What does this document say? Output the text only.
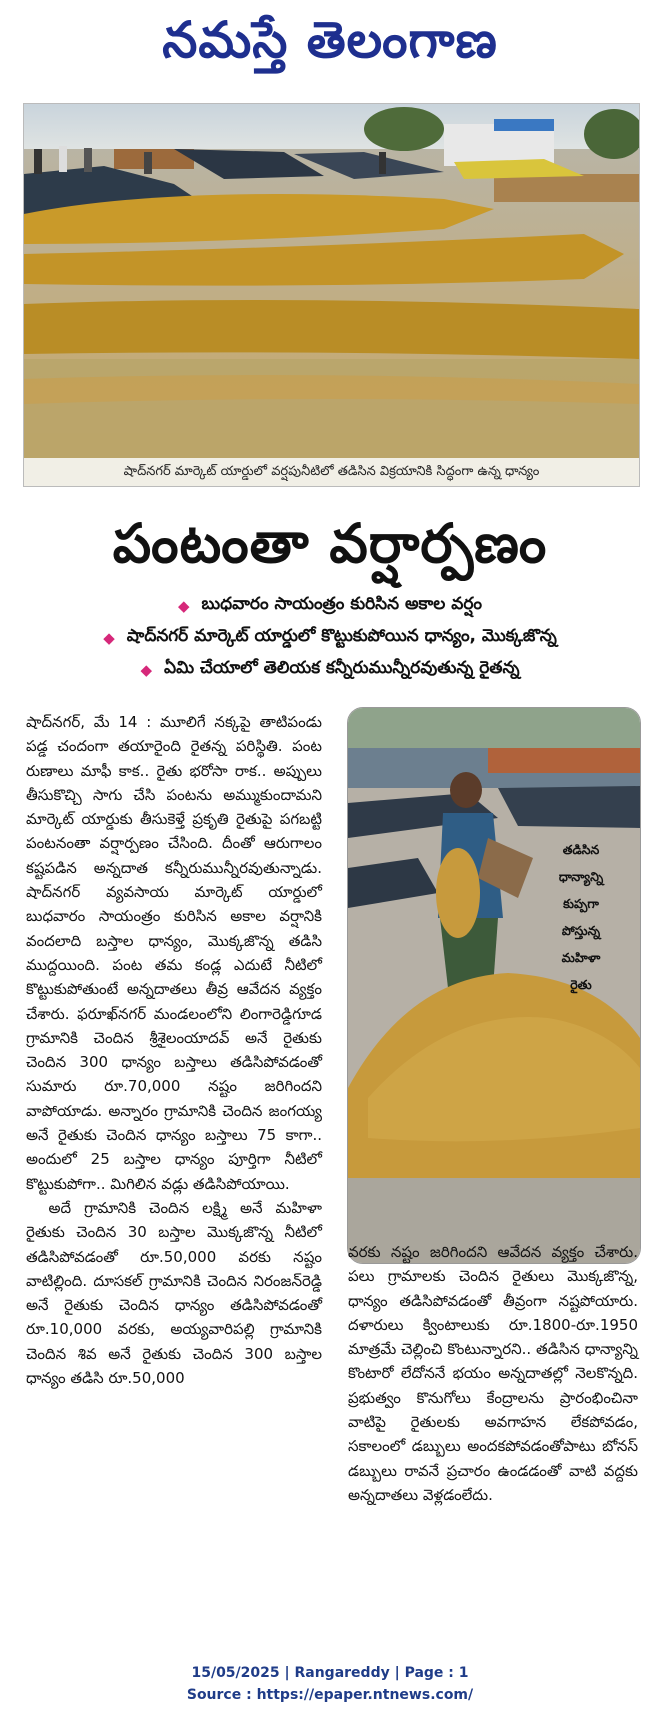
నమస్తే తెలంగాణ
షాద్‌నగర్ మార్కెట్ యార్డులో వర్షపునీటిలో తడిసిన విక్రయానికి సిద్ధంగా ఉన్న ధాన్యం
పంటంతా వర్షార్పణం
◆ బుధవారం సాయంత్రం కురిసిన అకాల వర్షం
◆ షాద్‌నగర్ మార్కెట్ యార్డులో కొట్టుకుపోయిన ధాన్యం, మొక్కజొన్న
◆ ఏమి చేయాలో తెలియక కన్నీరుమున్నీరవుతున్న రైతన్న

షాద్‌నగర్, మే 14 : మూలిగే నక్కపై తాటిపండు పడ్డ చందంగా తయారైంది రైతన్న పరిస్థితి. పంట రుణాలు మాఫీ కాక.. రైతు భరోసా రాక.. అప్పులు తీసుకొచ్చి సాగు చేసి పంటను అమ్ముకుందామని మార్కెట్ యార్డుకు తీసుకెళ్తే ప్రకృతి రైతుపై పగబట్టి పంటనంతా వర్షార్పణం చేసింది. దీంతో ఆరుగాలం కష్టపడిన అన్నదాత కన్నీరుమున్నీరవుతున్నాడు. షాద్‌నగర్ వ్యవసాయ మార్కెట్ యార్డులో బుధవారం సాయంత్రం కురిసిన అకాల వర్షానికి వందలాది బస్తాల ధాన్యం, మొక్కజొన్న తడిసి ముద్దయింది. పంట తమ కండ్ల ఎదుటే నీటిలో కొట్టుకుపోతుంటే అన్నదాతలు తీవ్ర ఆవేదన వ్యక్తం చేశారు. ఫరూఖ్‌నగర్ మండలంలోని లింగారెడ్డిగూడ గ్రామానికి చెందిన శ్రీశైలంయాదవ్ అనే రైతుకు చెందిన 300 ధాన్యం బస్తాలు తడిసిపోవడంతో సుమారు రూ.70,000 నష్టం జరిగిందని వాపోయాడు. అన్నారం గ్రామానికి చెందిన జంగయ్య అనే రైతుకు చెందిన ధాన్యం బస్తాలు 75 కాగా.. అందులో 25 బస్తాల ధాన్యం పూర్తిగా నీటిలో కొట్టుకుపోగా.. మిగిలిన వడ్లు తడిసిపోయాయి.

అదే గ్రామానికి చెందిన లక్ష్మి అనే మహిళా రైతుకు చెందిన 30 బస్తాల మొక్కజొన్న నీటిలో తడిసిపోవడంతో రూ.50,000 వరకు నష్టం వాటిల్లింది. దూసకల్ గ్రామానికి చెందిన నిరంజన్‌రెడ్డి అనే రైతుకు చెందిన ధాన్యం తడిసిపోవడంతో రూ.10,000 వరకు, అయ్యవారిపల్లి గ్రామానికి చెందిన శివ అనే రైతుకు చెందిన 300 బస్తాల ధాన్యం తడిసి రూ.50,000

తడిసిన
ధాన్యాన్ని
కుప్పగా
పోస్తున్న
మహిళా
రైతు

వరకు నష్టం జరిగిందని ఆవేదన వ్యక్తం చేశారు. పలు గ్రామాలకు చెందిన రైతులు మొక్కజొన్న, ధాన్యం తడిసిపోవడంతో తీవ్రంగా నష్టపోయారు. దళారులు క్వింటాలుకు రూ.1800-రూ.1950 మాత్రమే చెల్లించి కొంటున్నారని.. తడిసిన ధాన్యాన్ని కొంటారో లేదోననే భయం అన్నదాతల్లో నెలకొన్నది. ప్రభుత్వం కొనుగోలు కేంద్రాలను ప్రారంభించినా వాటిపై రైతులకు అవగాహన లేకపోవడం, సకాలంలో డబ్బులు అందకపోవడంతోపాటు బోనస్ డబ్బులు రావనే ప్రచారం ఉండడంతో వాటి వద్దకు అన్నదాతలు వెళ్లడంలేదు.

15/05/2025 | Rangareddy | Page : 1
Source : https://epaper.ntnews.com/
